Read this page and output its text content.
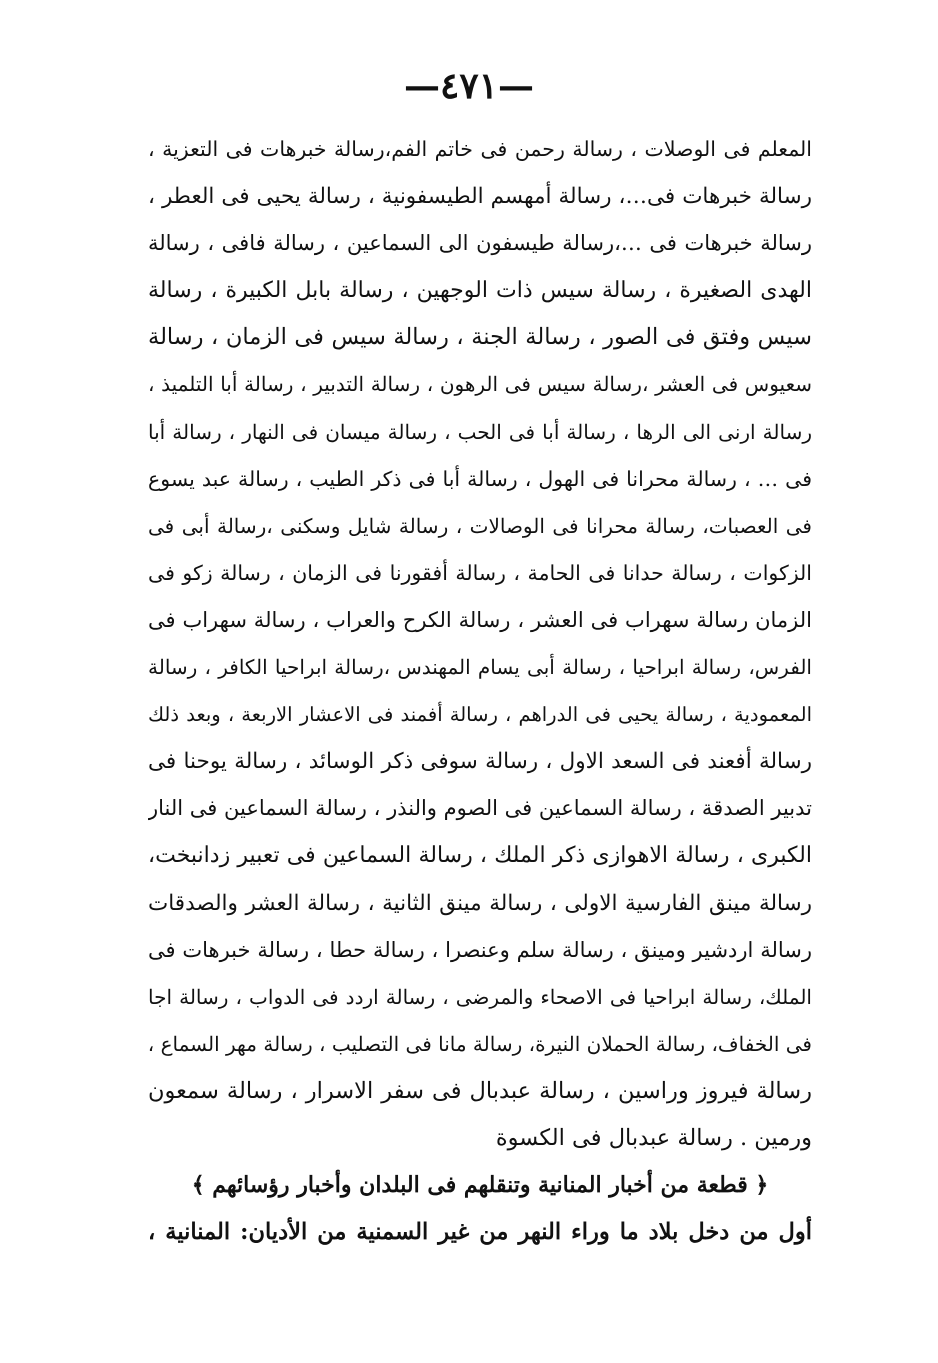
—٤٧١—
المعلم فى الوصلات ، رسالة رحمن فى خاتم الفم،رسالة خبرهات فى التعزية ،
رسالة خبرهات فى…، رسالة أمهسم الطيسفونية ، رسالة يحيى فى العطر ،
رسالة خبرهات فى …،رسالة طيسفون الى السماعين ، رسالة فافى ، رسالة
الهدى الصغيرة ، رسالة سيس ذات الوجهين ، رسالة بابل الكبيرة ، رسالة
سيس وفتق فى الصور ، رسالة الجنة ، رسالة سيس فى الزمان ، رسالة
سعيوس فى العشر ،رسالة سيس فى الرهون ، رسالة التدبير ، رسالة أبا التلميذ ،
رسالة ارنى الى الرها ، رسالة أبا فى الحب ، رسالة ميسان فى النهار ، رسالة أبا
فى … ، رسالة محرانا فى الهول ، رسالة أبا فى ذكر الطيب ، رسالة عبد يسوع
فى العصبات، رسالة محرانا فى الوصالات ، رسالة شايل وسكنى ،رسالة أبى فى
الزكوات ، رسالة حدانا فى الحامة ، رسالة أفقورنا فى الزمان ، رسالة زكو فى
الزمان رسالة سهراب فى العشر ، رسالة الكرح والعراب ، رسالة سهراب فى
الفرس، رسالة ابراحيا ، رسالة أبى يسام المهندس ،رسالة ابراحيا الكافر ، رسالة
المعمودية ، رسالة يحيى فى الدراهم ، رسالة أفمند فى الاعشار الاربعة ، وبعد ذلك
رسالة أفعند فى السعد الاول ، رسالة سوفى ذكر الوسائد ، رسالة يوحنا فى
تدبير الصدقة ، رسالة السماعين فى الصوم والنذر ، رسالة السماعين فى النار
الكبرى ، رسالة الاهوازى ذكر الملك ، رسالة السماعين فى تعبير زدانبخت،
رسالة مينق الفارسية الاولى ، رسالة مينق الثانية ، رسالة العشر والصدقات
رسالة اردشير ومينق ، رسالة سلم وعنصرا ، رسالة حطا ، رسالة خبرهات فى
الملك، رسالة ابراحيا فى الاصحاء والمرضى ، رسالة اردد فى الدواب ، رسالة اجا
فى الخفاف، رسالة الحملان النيرة، رسالة مانا فى التصليب ، رسالة مهر السماع ،
رسالة فيروز وراسين ، رسالة عبدبال فى سفر الاسرار ، رسالة سمعون
ورمين . رسالة عبدبال فى الكسوة
﴿ قطعة من أخبار المنانية وتنقلهم فى البلدان وأخبار رؤسائهم ﴾
أول من دخل بلاد ما وراء النهر من غير السمنية من الأديان: المنانية ،
